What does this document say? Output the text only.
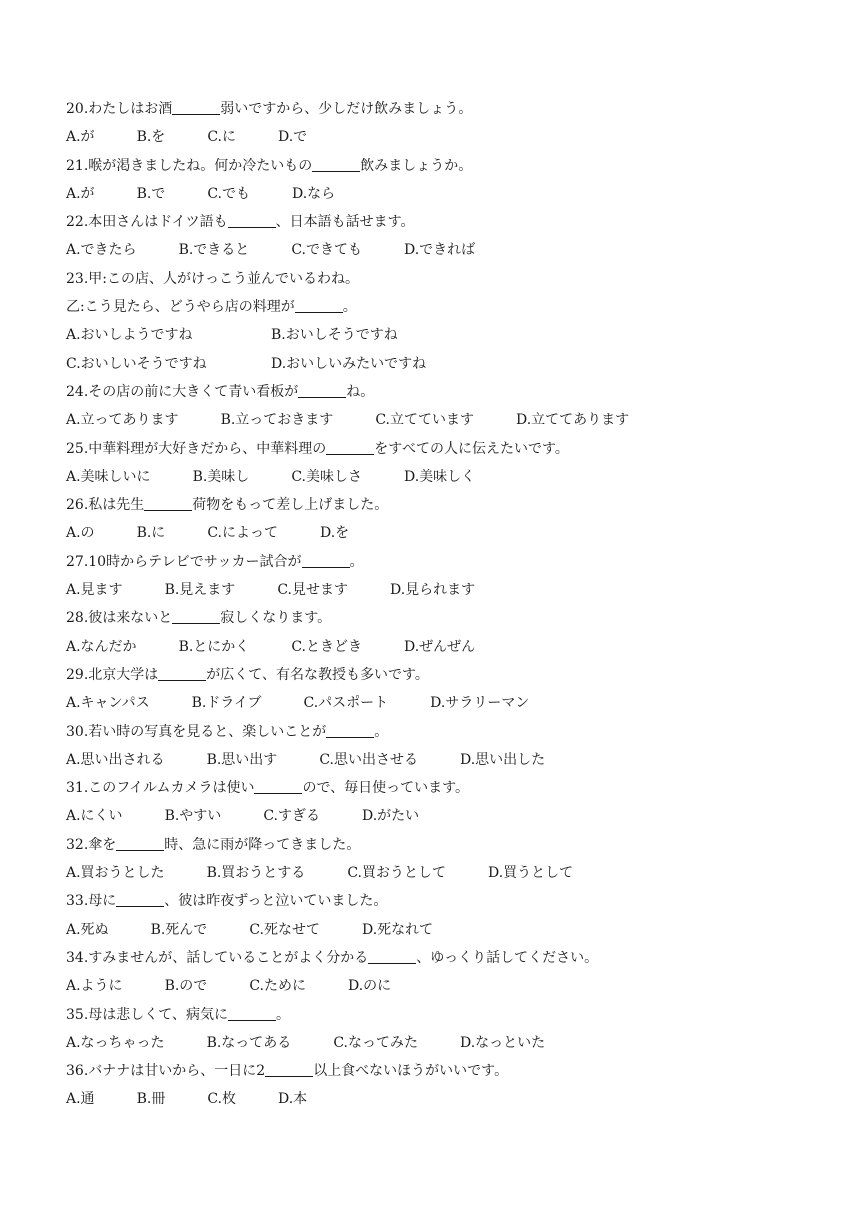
20.わたしはお酒	弱いですから、少しだけ飲みましょう。
A.が	B.を	C.に	D.で
21.喉が渇きましたね。何か冷たいもの	飲みましょうか。
A.が	B.で	C.でも	D.なら
22.本田さんはドイツ語も	、日本語も話せます。
A.できたら	B.できると	C.できても	D.できれば
23.甲:この店、人がけっこう並んでいるわね。
乙:こう見たら、どうやら店の料理が	。
A.おいしようですね	B.おいしそうですね
C.おいしいそうですね	D.おいしいみたいですね
24.その店の前に大きくて青い看板が	ね。
A.立ってあります	B.立っておきます	C.立てています	D.立ててあります
25.中華料理が大好きだから、中華料理の	をすべての人に伝えたいです。
A.美味しいに	B.美味し	C.美味しさ	D.美味しく
26.私は先生	荷物をもって差し上げました。
A.の	B.に	C.によって	D.を
27.10時からテレビでサッカー試合が	。
A.見ます	B.見えます	C.見せます	D.見られます
28.彼は来ないと	寂しくなります。
A.なんだか	B.とにかく	C.ときどき	D.ぜんぜん
29.北京大学は	が広くて、有名な教授も多いです。
A.キャンパス	B.ドライブ	C.パスポート	D.サラリーマン
30.若い時の写真を見ると、楽しいことが	。
A.思い出される	B.思い出す	C.思い出させる	D.思い出した
31.このフイルムカメラは使い	ので、毎日使っています。
A.にくい	B.やすい	C.すぎる	D.がたい
32.傘を	時、急に雨が降ってきました。
A.買おうとした	B.買おうとする	C.買おうとして	D.買うとして
33.母に	、彼は昨夜ずっと泣いていました。
A.死ぬ	B.死んで	C.死なせて	D.死なれて
34.すみませんが、話していることがよく分かる	、ゆっくり話してください。
A.ように	B.ので	C.ために	D.のに
35.母は悲しくて、病気に	。
A.なっちゃった	B.なってある	C.なってみた	D.なっといた
36.バナナは甘いから、一日に2	以上食べないほうがいいです。
A.通	B.冊	C.枚	D.本
